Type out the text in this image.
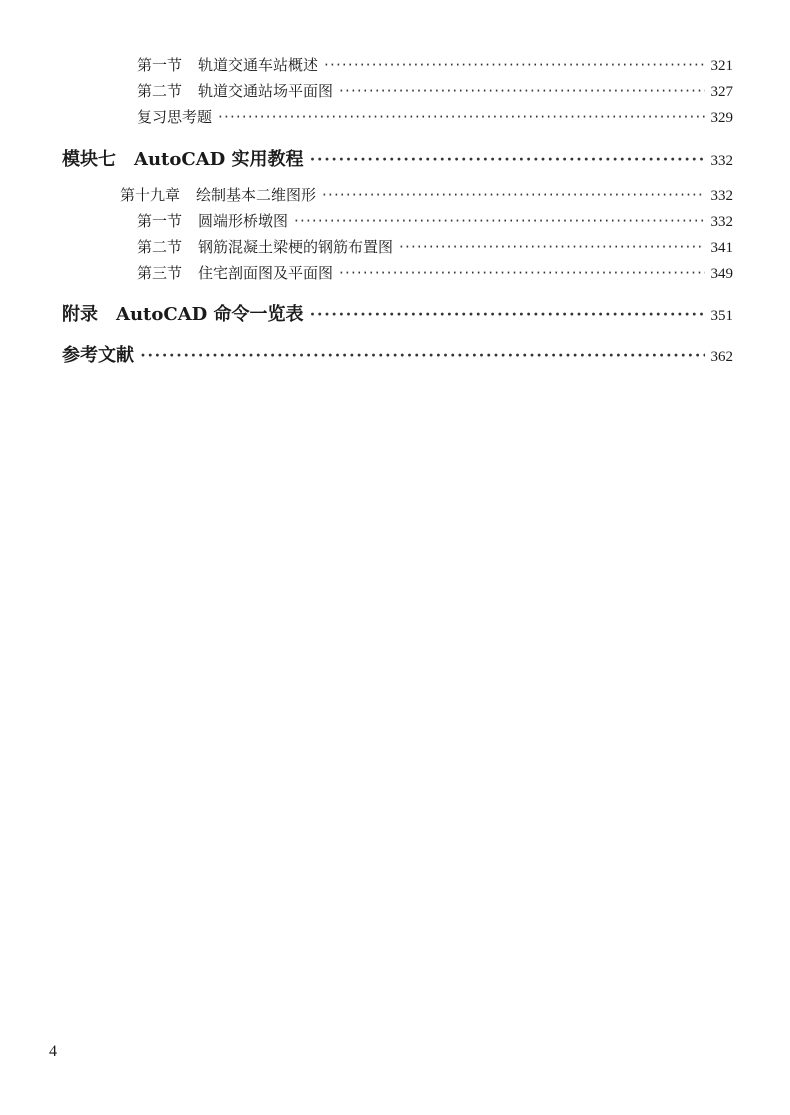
第一节 轨道交通车站概述 ·····	321
第二节 轨道交通站场平面图 ·····	327
复习思考题 ·····	329
模块七 AutoCAD 实用教程 ·····	332
第十九章 绘制基本二维图形 ·····	332
第一节 圆端形桥墩图 ·····	332
第二节 钢筋混凝土梁梗的钢筋布置图 ·····	341
第三节 住宅剖面图及平面图 ·····	349
附录 AutoCAD 命令一览表 ·····	351
参考文献 ·····	362
4
